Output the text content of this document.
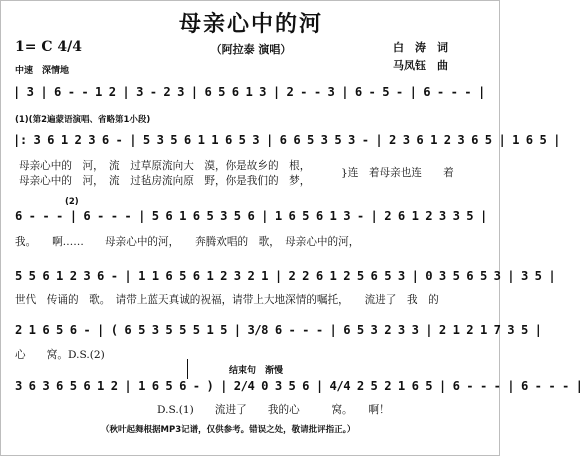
母亲心中的河
（阿拉泰 演唱）	白　涛　词
马凤钰　曲
1= C 4/4
中速　深情地
| 3 | 6 - - 1 2 | 3 - 2 3 | 6 5 6 1 3 | 2 - - 3 | 6 - 5 - | 6 - - - |
(1)(第2遍蒙语演唱、省略第1小段)
|: 3 6 1 2 3 6 - | 5 3 5 6 1 1 6 5 3 | 6 6 5 3 5 3 - | 2 3 6 1 2 3 6 5 | 1 6 5 |
母亲心中的　河，　流　过草原流向大　漠，你是故乡的　根，
母亲心中的　河，　流　过毡房流向原　野，你是我们的　梦，
}连　着母亲也连　　着
(2)
6 - - - | 6 - - - | 5 6 1 6 5 3 5 6 | 1 6 5 6 1 3 - | 2 6 1 2 3 3 5 |
我。　　啊……　　母亲心中的河，　　奔腾欢唱的　歌，　母亲心中的河，
5 5 6 1 2 3 6 - | 1 1 6 5 6 1 2 3 2 1 | 2 2 6 1 2 5 6 5 3 | 0 3 5 6 5 3 | 3 5 |
世代　传诵的　歌。　请带上蓝天真诚的祝福，请带上大地深情的嘱托，　　流进了　我　的
2 1 6 5 6 - | ( 6 5 3 5 5 5 1 5 | 3/8 6 - - - | 6 5 3 2 3 3 | 2 1 2 1 7 3 5 |
心　　窝。D.S.(2)
结束句　渐慢
3 6 3 6 5 6 1 2 | 1 6 5 6 - ) | 2/4 0 3 5 6 | 4/4 2 5 2 1 6 5 | 6 - - - | 6 - - - |
D.S.(1)　　流进了　　我的心　　　窝。　　啊！
（秋叶起舞根据MP3记谱，仅供参考。错误之处，敬请批评指正。）
